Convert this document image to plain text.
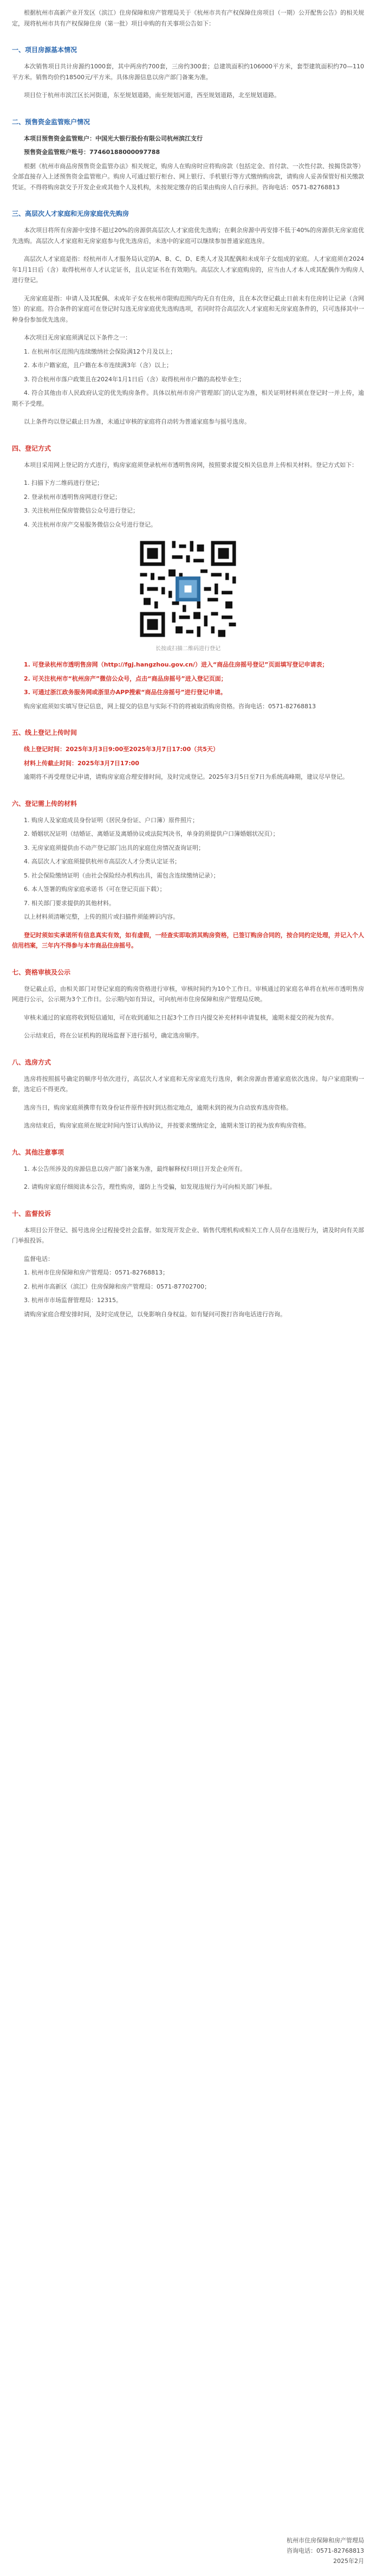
根据杭州市高新产业开发区（滨江）住房保障和房产管理局关于《杭州市共有产权保障住房项目（一期）公开配售公告》的相关规定，现将杭州市共有产权保障住房（第一批）项目申购的有关事项公告如下：

一、项目房源基本情况

本次销售项目共计房源约1000套，其中两房约700套，三房约300套；总建筑面积约106000平方米，套型建筑面积约70—110平方米。销售均价约18500元/平方米。具体房源信息以房产部门备案为准。

项目位于杭州市滨江区长河街道，东至规划道路，南至规划河道，西至规划道路，北至规划道路。

二、预售资金监管账户情况

本项目预售资金监管账户：中国光大银行股份有限公司杭州滨江支行

预售资金监管账户账号：77460188000097788

根据《杭州市商品房预售资金监管办法》相关规定，购房人在购房时应将购房款（包括定金、首付款、一次性付款、按揭贷款等）全部直接存入上述预售资金监管账户。购房人可通过银行柜台、网上银行、手机银行等方式缴纳购房款，请购房人妥善保管好相关缴款凭证。不得将购房款交予开发企业或其他个人及机构，未按规定缴存的后果由购房人自行承担。咨询电话：0571-82768813

三、高层次人才家庭和无房家庭优先购房

本次项目将所有房源中安排不超过20%的房源供高层次人才家庭优先选购；在剩余房源中再安排不低于40%的房源供无房家庭优先选购。高层次人才家庭和无房家庭参与优先选房后，未选中的家庭可以继续参加普通家庭选房。

高层次人才家庭是指：经杭州市人才服务局认定的A、B、C、D、E类人才及其配偶和未成年子女组成的家庭。人才家庭须在2024年1月1日后（含）取得杭州市人才认定证书，且认定证书在有效期内。高层次人才家庭购房的，应当由人才本人或其配偶作为购房人进行登记。

无房家庭是指：申请人及其配偶、未成年子女在杭州市限购范围内均无自有住房，且在本次登记截止日前未有住房转让记录（含网签）的家庭。符合条件的家庭可在登记时勾选无房家庭优先选购选项，若同时符合高层次人才家庭和无房家庭条件的，只可选择其中一种身份参加优先选房。

本次项目无房家庭须满足以下条件之一：

1. 在杭州市区范围内连续缴纳社会保险满12个月及以上；

2. 本市户籍家庭，且户籍在本市连续满3年（含）以上；

3. 符合杭州市落户政策且在2024年1月1日后（含）取得杭州市户籍的高校毕业生；

4. 符合其他由市人民政府认定的优先购房条件。具体以杭州市房产管理部门的认定为准，相关证明材料须在登记时一并上传，逾期不予受理。

以上条件均以登记截止日为准，未通过审核的家庭将自动转为普通家庭参与摇号选房。

四、登记方式

本项目采用网上登记的方式进行，购房家庭须登录杭州市透明售房网，按照要求提交相关信息并上传相关材料。登记方式如下：

1. 扫描下方二维码进行登记；

2. 登录杭州市透明售房网进行登记；

3. 关注杭州住保房管微信公众号进行登记；

4. 关注杭州市房产交易服务微信公众号进行登记。

长按或扫描二维码进行登记

1. 可登录杭州市透明售房网（http://fgj.hangzhou.gov.cn/）进入“商品住房摇号登记”页面填写登记申请表；

2. 可关注杭州市“杭州房产”微信公众号，点击“商品房摇号”进入登记页面；

3. 可通过浙江政务服务网或浙里办APP搜索“商品住房摇号”进行登记申请。

购房家庭须如实填写登记信息，网上提交的信息与实际不符的将被取消购房资格。咨询电话：0571-82768813

五、线上登记上传时间

线上登记时间：2025年3月3日9:00至2025年3月7日17:00（共5天）

材料上传截止时间：2025年3月7日17:00

逾期将不再受理登记申请，请购房家庭合理安排时间，及时完成登记。2025年3月5日至7日为系统高峰期，建议尽早登记。

六、登记需上传的材料

1. 购房人及家庭成员身份证明（居民身份证、户口簿）原件照片；

2. 婚姻状况证明（结婚证、离婚证及离婚协议或法院判决书，单身的须提供户口簿婚姻状况页）；

3. 无房家庭须提供由不动产登记部门出具的家庭住房情况查询证明；

4. 高层次人才家庭须提供杭州市高层次人才分类认定证书；

5. 社会保险缴纳证明（由社会保险经办机构出具，需包含连续缴纳记录）；

6. 本人签署的购房家庭承诺书（可在登记页面下载）；

7. 相关部门要求提供的其他材料。

以上材料须清晰完整，上传的照片或扫描件须能辨识内容。

登记时须如实承诺所有信息真实有效，如有虚假，一经查实即取消其购房资格，已签订购房合同的，按合同约定处理，并记入个人信用档案，三年内不得参与本市商品住房摇号。

七、资格审核及公示

登记截止后，由相关部门对登记家庭的购房资格进行审核，审核时间约为10个工作日。审核通过的家庭名单将在杭州市透明售房网进行公示，公示期为3个工作日。公示期内如有异议，可向杭州市住房保障和房产管理局反映。

审核未通过的家庭将收到短信通知，可在收到通知之日起3个工作日内提交补充材料申请复核，逾期未提交的视为放弃。

公示结束后，将在公证机构的现场监督下进行摇号，确定选房顺序。

八、选房方式

选房将按照摇号确定的顺序号依次进行，高层次人才家庭和无房家庭先行选房，剩余房源由普通家庭依次选房。每户家庭限购一套，选定后不得更改。

选房当日，购房家庭须携带有效身份证件原件按时到达指定地点，逾期未到的视为自动放弃选房资格。

选房结束后，购房家庭须在规定时间内签订认购协议，并按要求缴纳定金，逾期未签订的视为放弃购房资格。

九、其他注意事项

1. 本公告所涉及的房源信息以房产部门备案为准，最终解释权归项目开发企业所有。

2. 请购房家庭仔细阅读本公告，理性购房，谨防上当受骗，如发现违规行为可向相关部门举报。

十、监督投诉

本项目公开登记、摇号选房全过程接受社会监督。如发现开发企业、销售代理机构或相关工作人员存在违规行为，请及时向有关部门举报投诉。

监督电话：

1. 杭州市住房保障和房产管理局：0571-82768813；

2. 杭州市高新区（滨江）住房保障和房产管理局：0571-87702700；

3. 杭州市市场监督管理局：12315。

请购房家庭合理安排时间，及时完成登记，以免影响自身权益。如有疑问可拨打咨询电话进行咨询。

杭州市住房保障和房产管理局
咨询电话：0571-82768813
2025年2月
